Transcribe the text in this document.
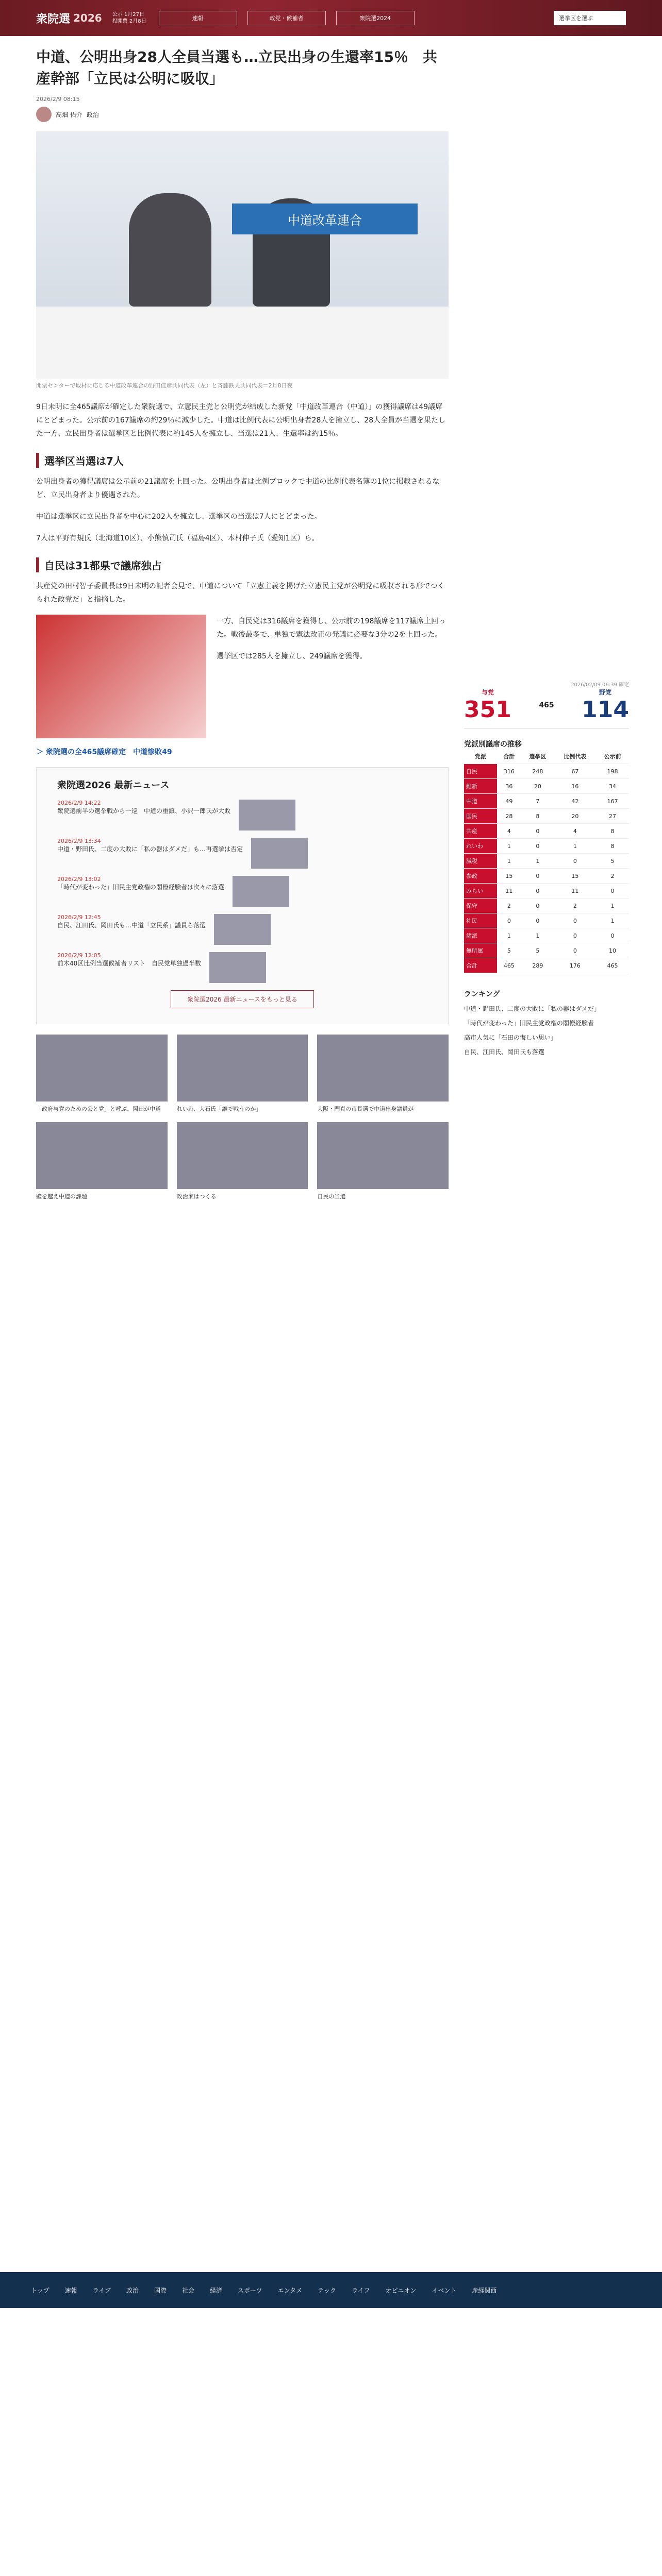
衆院選 2026 公示 1月27日 投開票 2月8日	速報	政党・候補者	衆院選2024	選挙区を選ぶ
中道、公明出身28人全員当選も…立民出身の生還率15％　共産幹部「立民は公明に吸収」
2026/2/9 08:15
高畑 佑介 政治
中道改革連合
開票センターで取材に応じる中道改革連合の野田佳彦共同代表（左）と斉藤鉄夫共同代表＝2月8日夜

9日未明に全465議席が確定した衆院選で、立憲民主党と公明党が結成した新党「中道改革連合（中道）」の獲得議席は49議席にとどまった。公示前の167議席の約29％に減少した。中道は比例代表に公明出身者28人を擁立し、28人全員が当選を果たした一方、立民出身者は選挙区と比例代表に約145人を擁立し、当選は21人、生還率は約15％。

選挙区当選は7人

公明出身者の獲得議席は公示前の21議席を上回った。公明出身者は比例ブロックで中道の比例代表名簿の1位に掲載されるなど、立民出身者より優遇された。

中道は選挙区に立民出身者を中心に202人を擁立し、選挙区の当選は7人にとどまった。

7人は平野有規氏（北海道10区）、小熊慎司氏（福島4区）、本村伸子氏（愛知1区）ら。

自民は31都県で議席独占

共産党の田村智子委員長は9日未明の記者会見で、中道について「立憲主義を掲げた立憲民主党が公明党に吸収される形でつくられた政党だ」と指摘した。

一方、自民党は316議席を獲得し、公示前の198議席を117議席上回った。戦後最多で、単独で憲法改正の発議に必要な3分の2を上回った。

選挙区では285人を擁立し、249議席を獲得。

＞ 衆院選の全465議席確定　中道惨敗49
衆院選2026 最新ニュース
2026/2/9 14:22
衆院選前半の選挙戦から一巡　中道の重鎮、小沢一郎氏が大敗
2026/2/9 13:34
中道・野田氏、二度の大敗に「私の器はダメだ」も…再選挙は否定
2026/2/9 13:02
「時代が変わった」旧民主党政権の閣僚経験者は次々に落選
2026/2/9 12:45
自民、江田氏、岡田氏も…中道「立民系」議員ら落選
2026/2/9 12:05
前木40区比例当選候補者リスト　自民党単独過半数
衆院選2026 最新ニュースをもっと見る
「政府与党のための公と党」と呼ぶ、岡田が中道	れいわ、大石氏「誰で戦うのか」	大阪・門真の市長選で中道出身議員が
壁を越え中道の課題	政治家はつくる	自民の当選
2026/02/09 06:39 確定
与党
351	465
野党
114
党派別議席の推移
党派	合計	選挙区	比例代表	公示前
自民	316	248	67	198
維新	36	20	16	34
中道	49	7	42	167
国民	28	8	20	27
共産	4	0	4	8
れいわ	1	0	1	8
減税	1	1	0	5
参政	15	0	15	2
みらい	11	0	11	0
保守	2	0	2	1
社民	0	0	0	1
諸派	1	1	0	0
無所属	5	5	0	10
合計	465	289	176	465
ランキング
中道・野田氏、二度の大敗に「私の器はダメだ」
「時代が変わった」旧民主党政権の閣僚経験者
高市人気に「石田の悔しい思い」
自民、江田氏、岡田氏も落選
トップ	速報	ライブ	政治	国際	社会	経済	スポーツ	エンタメ	テック	ライフ	オピニオン	イベント	産経関西
